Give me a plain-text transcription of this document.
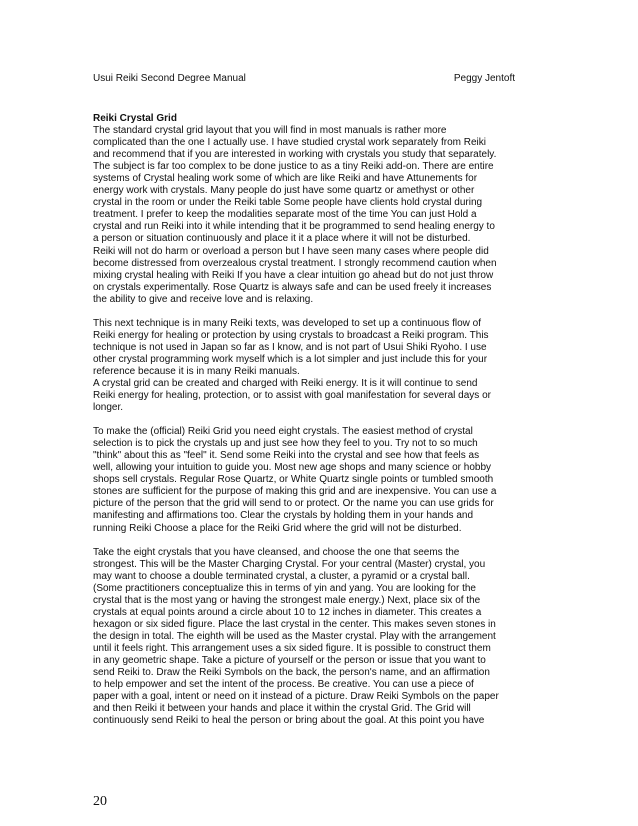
Usui Reiki Second Degree Manual	Peggy Jentoft
Reiki Crystal Grid
The standard crystal grid layout that you will find in most manuals is rather more
complicated than the one I actually use. I have studied crystal work separately from Reiki
and recommend that if you are interested in working with crystals you study that separately.
The subject is far too complex to be done justice to as a tiny Reiki add-on. There are entire
systems of Crystal healing work some of which are like Reiki and have Attunements for
energy work with crystals. Many people do just have some quartz or amethyst or other
crystal in the room or under the Reiki table Some people have clients hold crystal during
treatment. I prefer to keep the modalities separate most of the time You can just Hold a
crystal and run Reiki into it while intending that it be programmed to send healing energy to
a person or situation continuously and place it it a place where it will not be disturbed.
Reiki will not do harm or overload a person but I have seen many cases where people did
become distressed from overzealous crystal treatment. I strongly recommend caution when
mixing crystal healing with Reiki If you have a clear intuition go ahead but do not just throw
on crystals experimentally. Rose Quartz is always safe and can be used freely it increases
the ability to give and receive love and is relaxing.
This next technique is in many Reiki texts, was developed to set up a continuous flow of
Reiki energy for healing or protection by using crystals to broadcast a Reiki program. This
technique is not used in Japan so far as I know, and is not part of Usui Shiki Ryoho. I use
other crystal programming work myself which is a lot simpler and just include this for your
reference because it is in many Reiki manuals.
A crystal grid can be created and charged with Reiki energy. It is it will continue to send
Reiki energy for healing, protection, or to assist with goal manifestation for several days or
longer.
To make the (official) Reiki Grid you need eight crystals. The easiest method of crystal
selection is to pick the crystals up and just see how they feel to you. Try not to so much
"think" about this as "feel" it. Send some Reiki into the crystal and see how that feels as
well, allowing your intuition to guide you. Most new age shops and many science or hobby
shops sell crystals. Regular Rose Quartz, or White Quartz single points or tumbled smooth
stones are sufficient for the purpose of making this grid and are inexpensive. You can use a
picture of the person that the grid will send to or protect. Or the name you can use grids for
manifesting and affirmations too. Clear the crystals by holding them in your hands and
running Reiki Choose a place for the Reiki Grid where the grid will not be disturbed.
Take the eight crystals that you have cleansed, and choose the one that seems the
strongest. This will be the Master Charging Crystal. For your central (Master) crystal, you
may want to choose a double terminated crystal, a cluster, a pyramid or a crystal ball.
(Some practitioners conceptualize this in terms of yin and yang. You are looking for the
crystal that is the most yang or having the strongest male energy.) Next, place six of the
crystals at equal points around a circle about 10 to 12 inches in diameter. This creates a
hexagon or six sided figure. Place the last crystal in the center. This makes seven stones in
the design in total. The eighth will be used as the Master crystal. Play with the arrangement
until it feels right. This arrangement uses a six sided figure. It is possible to construct them
in any geometric shape. Take a picture of yourself or the person or issue that you want to
send Reiki to. Draw the Reiki Symbols on the back, the person's name, and an affirmation
to help empower and set the intent of the process. Be creative. You can use a piece of
paper with a goal, intent or need on it instead of a picture. Draw Reiki Symbols on the paper
and then Reiki it between your hands and place it within the crystal Grid. The Grid will
continuously send Reiki to heal the person or bring about the goal. At this point you have
20
